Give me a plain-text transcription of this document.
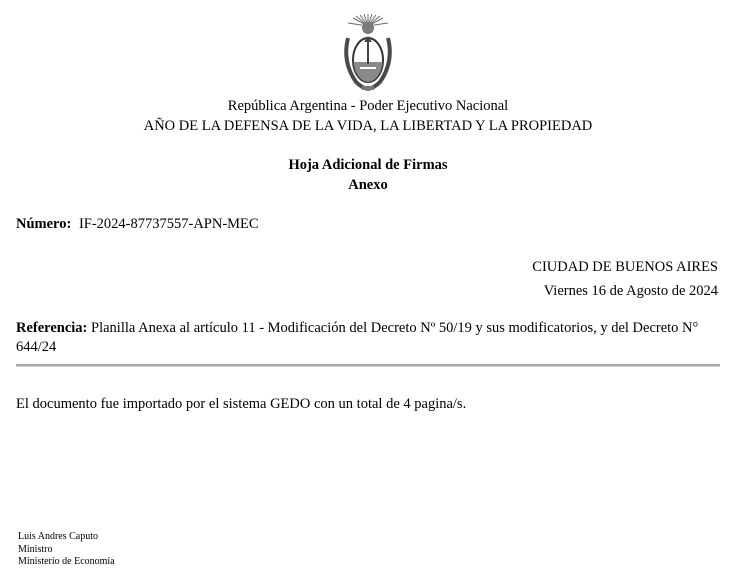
República Argentina - Poder Ejecutivo Nacional
AÑO DE LA DEFENSA DE LA VIDA, LA LIBERTAD Y LA PROPIEDAD
Hoja Adicional de Firmas
Anexo
Número: IF-2024-87737557-APN-MEC
CIUDAD DE BUENOS AIRES
Viernes 16 de Agosto de 2024
Referencia: Planilla Anexa al artículo 11 - Modificación del Decreto Nº 50/19 y sus modificatorios, y del Decreto N° 644/24
El documento fue importado por el sistema GEDO con un total de 4 pagina/s.
Luis Andres Caputo
Ministro
Ministerio de Economía
